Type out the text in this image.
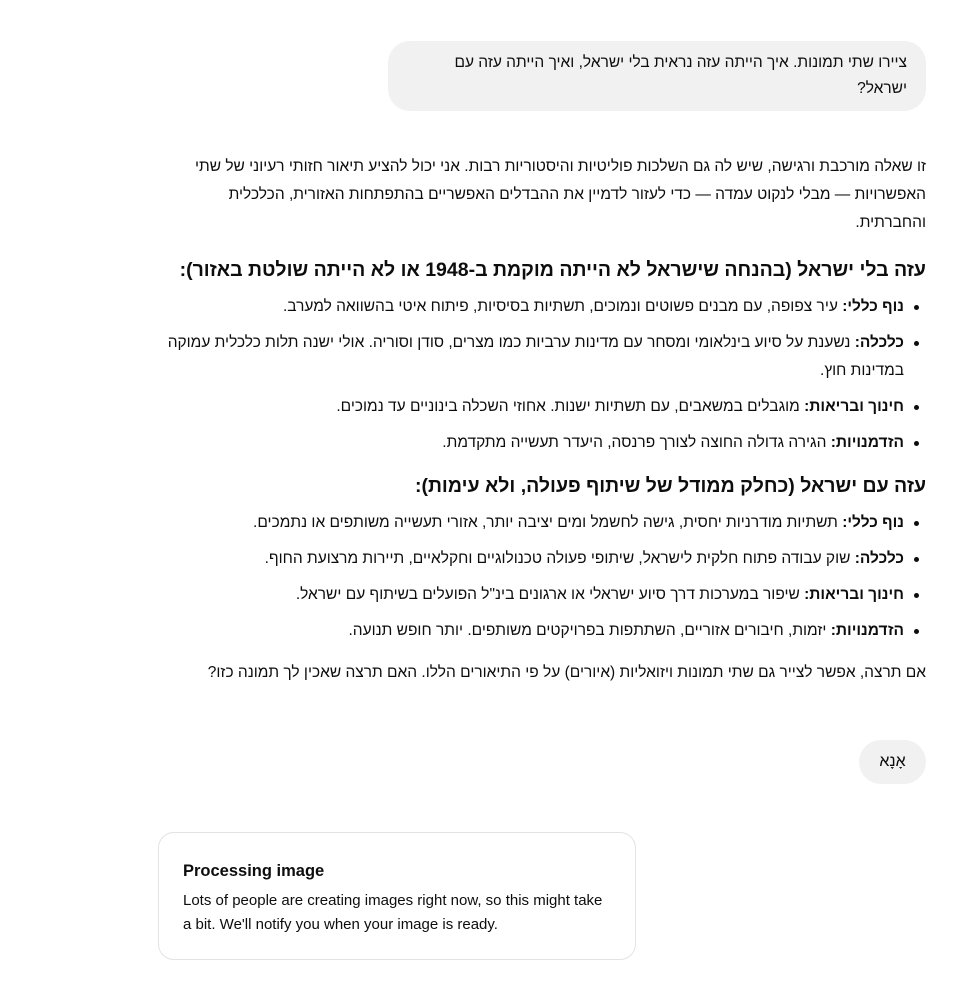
ציירו שתי תמונות. איך הייתה עזה נראית בלי ישראל, ואיך הייתה עזה עם ישראל?

זו שאלה מורכבת ורגישה, שיש לה גם השלכות פוליטיות והיסטוריות רבות. אני יכול להציע תיאור חזותי רעיוני של שתי האפשרויות — מבלי לנקוט עמדה — כדי לעזור לדמיין את ההבדלים האפשריים בהתפתחות האזורית, הכלכלית והחברתית.

עזה בלי ישראל (בהנחה שישראל לא הייתה מוקמת ב-1948 או לא הייתה שולטת באזור):
נוף כללי: עיר צפופה, עם מבנים פשוטים ונמוכים, תשתיות בסיסיות, פיתוח איטי בהשוואה למערב.
כלכלה: נשענת על סיוע בינלאומי ומסחר עם מדינות ערביות כמו מצרים, סודן וסוריה. אולי ישנה תלות כלכלית עמוקה במדינות חוץ.
חינוך ובריאות: מוגבלים במשאבים, עם תשתיות ישנות. אחוזי השכלה בינוניים עד נמוכים.
הזדמנויות: הגירה גדולה החוצה לצורך פרנסה, היעדר תעשייה מתקדמת.
עזה עם ישראל (כחלק ממודל של שיתוף פעולה, ולא עימות):
נוף כללי: תשתיות מודרניות יחסית, גישה לחשמל ומים יציבה יותר, אזורי תעשייה משותפים או נתמכים.
כלכלה: שוק עבודה פתוח חלקית לישראל, שיתופי פעולה טכנולוגיים וחקלאיים, תיירות מרצועת החוף.
חינוך ובריאות: שיפור במערכות דרך סיוע ישראלי או ארגונים בינ"ל הפועלים בשיתוף עם ישראל.
הזדמנויות: יזמות, חיבורים אזוריים, השתתפות בפרויקטים משותפים. יותר חופש תנועה.

אם תרצה, אפשר לצייר גם שתי תמונות ויזואליות (איורים) על פי התיאורים הללו. האם תרצה שאכין לך תמונה כזו?

אָנָא

Processing image

Lots of people are creating images right now, so this might take a bit. We'll notify you when your image is ready.
